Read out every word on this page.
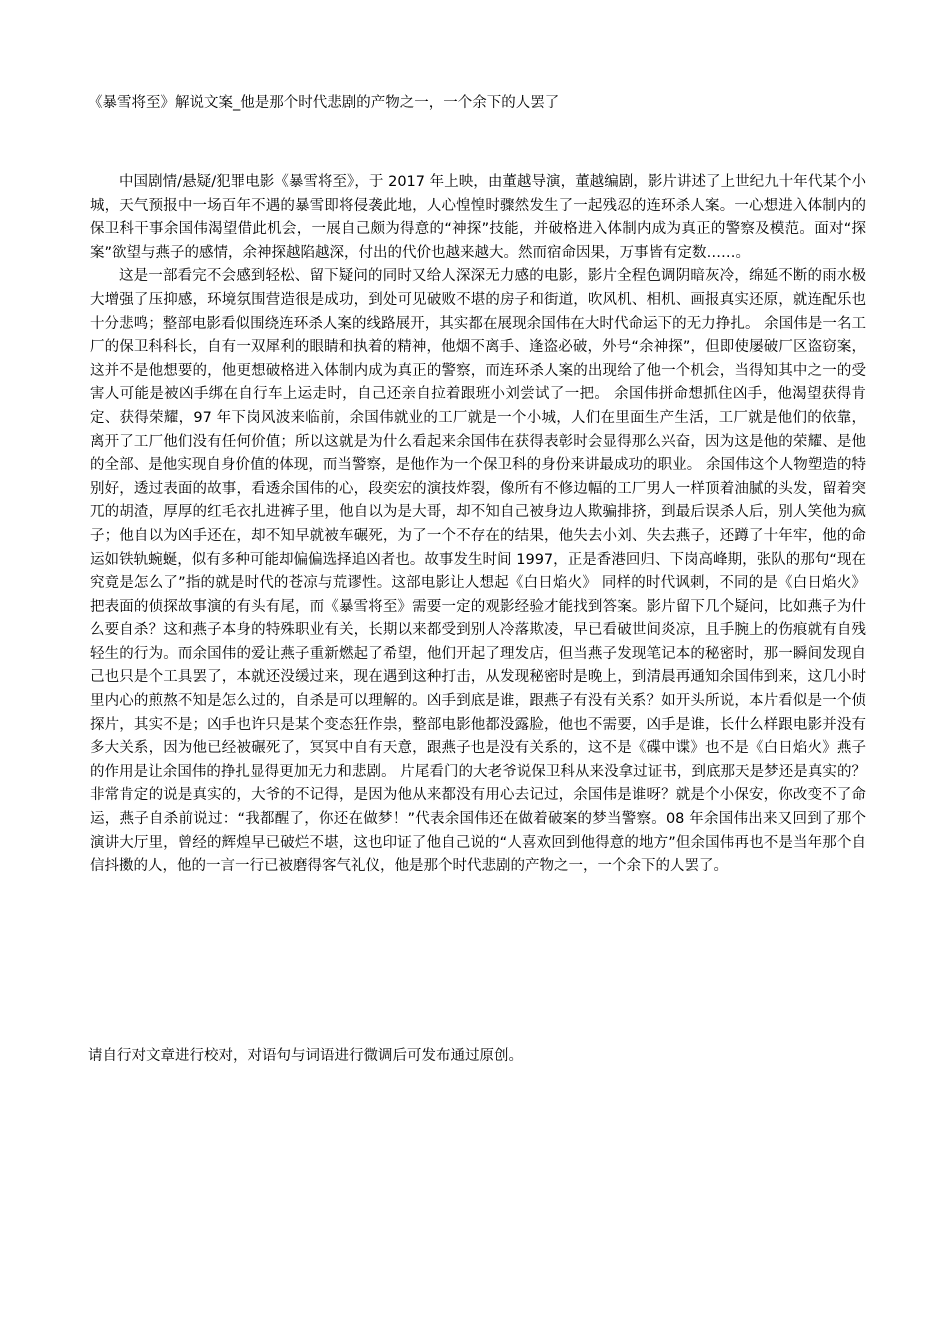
《暴雪将至》解说文案_他是那个时代悲剧的产物之一，一个余下的人罢了

中国剧情/悬疑/犯罪电影《暴雪将至》，于 2017 年上映，由董越导演，董越编剧，影片讲述了上世纪九十年代某个小城，天气预报中一场百年不遇的暴雪即将侵袭此地，人心惶惶时骤然发生了一起残忍的连环杀人案。一心想进入体制内的保卫科干事余国伟渴望借此机会，一展自己颇为得意的“神探”技能，并破格进入体制内成为真正的警察及模范。面对“探案”欲望与燕子的感情，余神探越陷越深，付出的代价也越来越大。然而宿命因果，万事皆有定数……。

这是一部看完不会感到轻松、留下疑问的同时又给人深深无力感的电影，影片全程色调阴暗灰冷，绵延不断的雨水极大增强了压抑感，环境氛围营造很是成功，到处可见破败不堪的房子和街道，吹风机、相机、画报真实还原，就连配乐也十分悲鸣；整部电影看似围绕连环杀人案的线路展开，其实都在展现余国伟在大时代命运下的无力挣扎。 余国伟是一名工厂的保卫科科长，自有一双犀利的眼睛和执着的精神，他烟不离手、逢盗必破，外号“余神探”，但即使屡破厂区盗窃案，这并不是他想要的，他更想破格进入体制内成为真正的警察，而连环杀人案的出现给了他一个机会，当得知其中之一的受害人可能是被凶手绑在自行车上运走时，自己还亲自拉着跟班小刘尝试了一把。 余国伟拼命想抓住凶手，他渴望获得肯定、获得荣耀，97 年下岗风波来临前，余国伟就业的工厂就是一个小城，人们在里面生产生活，工厂就是他们的依靠，离开了工厂他们没有任何价值；所以这就是为什么看起来余国伟在获得表彰时会显得那么兴奋，因为这是他的荣耀、是他的全部、是他实现自身价值的体现，而当警察，是他作为一个保卫科的身份来讲最成功的职业。 余国伟这个人物塑造的特别好，透过表面的故事，看透余国伟的心，段奕宏的演技炸裂，像所有不修边幅的工厂男人一样顶着油腻的头发，留着突兀的胡渣，厚厚的红毛衣扎进裤子里，他自以为是大哥，却不知自己被身边人欺骗排挤，到最后误杀人后，别人笑他为疯子；他自以为凶手还在，却不知早就被车碾死，为了一个不存在的结果，他失去小刘、失去燕子，还蹲了十年牢，他的命运如铁轨蜿蜒，似有多种可能却偏偏选择追凶者也。故事发生时间 1997，正是香港回归、下岗高峰期，张队的那句“现在究竟是怎么了”指的就是时代的苍凉与荒谬性。这部电影让人想起《白日焰火》 同样的时代讽刺，不同的是《白日焰火》把表面的侦探故事演的有头有尾，而《暴雪将至》需要一定的观影经验才能找到答案。影片留下几个疑问，比如燕子为什么要自杀？这和燕子本身的特殊职业有关，长期以来都受到别人冷落欺凌，早已看破世间炎凉，且手腕上的伤痕就有自残轻生的行为。而余国伟的爱让燕子重新燃起了希望，他们开起了理发店，但当燕子发现笔记本的秘密时，那一瞬间发现自己也只是个工具罢了，本就还没缓过来，现在遇到这种打击，从发现秘密时是晚上，到清晨再通知余国伟到来，这几小时里内心的煎熬不知是怎么过的，自杀是可以理解的。凶手到底是谁，跟燕子有没有关系？如开头所说，本片看似是一个侦探片，其实不是；凶手也许只是某个变态狂作祟，整部电影他都没露脸，他也不需要，凶手是谁，长什么样跟电影并没有多大关系，因为他已经被碾死了，冥冥中自有天意，跟燕子也是没有关系的，这不是《碟中谍》也不是《白日焰火》燕子的作用是让余国伟的挣扎显得更加无力和悲剧。 片尾看门的大老爷说保卫科从来没拿过证书，到底那天是梦还是真实的？ 非常肯定的说是真实的，大爷的不记得，是因为他从来都没有用心去记过，余国伟是谁呀？就是个小保安，你改变不了命运，燕子自杀前说过：“我都醒了，你还在做梦！”代表余国伟还在做着破案的梦当警察。08 年余国伟出来又回到了那个演讲大厅里，曾经的辉煌早已破烂不堪，这也印证了他自己说的“人喜欢回到他得意的地方”但余国伟再也不是当年那个自信抖擞的人，他的一言一行已被磨得客气礼仪，他是那个时代悲剧的产物之一，一个余下的人罢了。

请自行对文章进行校对，对语句与词语进行微调后可发布通过原创。
